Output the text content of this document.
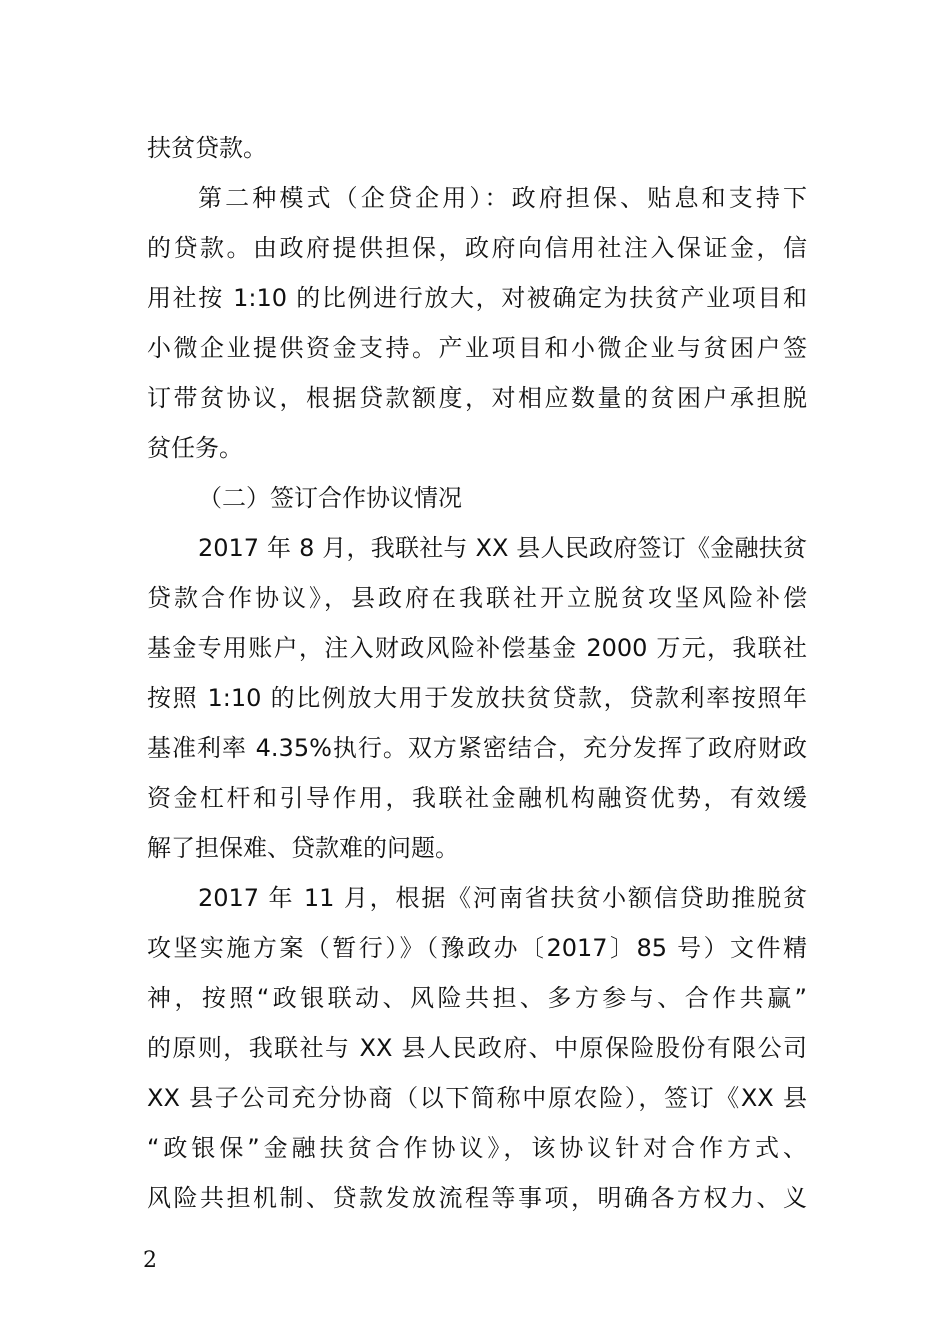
扶贫贷款。
第二种模式（企贷企用）：政府担保、贴息和支持下
的贷款。由政府提供担保，政府向信用社注入保证金，信
用社按 1:10 的比例进行放大，对被确定为扶贫产业项目和
小微企业提供资金支持。产业项目和小微企业与贫困户签
订带贫协议，根据贷款额度，对相应数量的贫困户承担脱
贫任务。
（二）签订合作协议情况
2017 年 8 月，我联社与 XX 县人民政府签订《金融扶贫
贷款合作协议》，县政府在我联社开立脱贫攻坚风险补偿
基金专用账户，注入财政风险补偿基金 2000 万元，我联社
按照 1:10 的比例放大用于发放扶贫贷款，贷款利率按照年
基准利率 4.35%执行。双方紧密结合，充分发挥了政府财政
资金杠杆和引导作用，我联社金融机构融资优势，有效缓
解了担保难、贷款难的问题。
2017 年 11 月，根据《河南省扶贫小额信贷助推脱贫
攻坚实施方案（暂行）》（豫政办〔2017〕85 号）文件精
神，按照“政银联动、风险共担、多方参与、合作共赢”
的原则，我联社与 XX 县人民政府、中原保险股份有限公司
XX 县子公司充分协商（以下简称中原农险），签订《XX 县
“政银保”金融扶贫合作协议》，该协议针对合作方式、
风险共担机制、贷款发放流程等事项，明确各方权力、义
2
